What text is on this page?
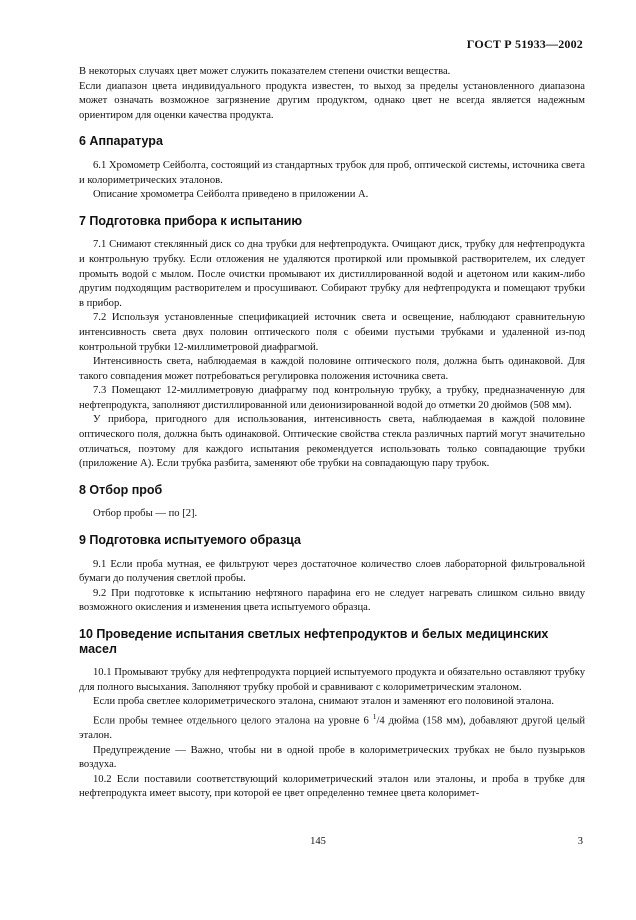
ГОСТ Р 51933—2002

В некоторых случаях цвет может служить показателем степени очистки вещества.

Если диапазон цвета индивидуального продукта известен, то выход за пределы установленного диапазона может означать возможное загрязнение другим продуктом, однако цвет не всегда является надежным ориентиром для оценки качества продукта.

6 Аппаратура

6.1 Хромометр Сейболта, состоящий из стандартных трубок для проб, оптической системы, источника света и колориметрических эталонов.

Описание хромометра Сейболта приведено в приложении А.

7 Подготовка прибора к испытанию

7.1 Снимают стеклянный диск со дна трубки для нефтепродукта. Очищают диск, трубку для нефтепродукта и контрольную трубку. Если отложения не удаляются протиркой или промывкой растворителем, их следует промыть водой с мылом. После очистки промывают их дистиллированной водой и ацетоном или каким-либо другим подходящим растворителем и просушивают. Собирают трубку для нефтепродукта и помещают трубки в прибор.

7.2 Используя установленные спецификацией источник света и освещение, наблюдают сравнительную интенсивность света двух половин оптического поля с обеими пустыми трубками и удаленной из-под контрольной трубки 12-миллиметровой диафрагмой.

Интенсивность света, наблюдаемая в каждой половине оптического поля, должна быть одинаковой. Для такого совпадения может потребоваться регулировка положения источника света.

7.3 Помещают 12-миллиметровую диафрагму под контрольную трубку, а трубку, предназначенную для нефтепродукта, заполняют дистиллированной или деионизированной водой до отметки 20 дюймов (508 мм).

У прибора, пригодного для использования, интенсивность света, наблюдаемая в каждой половине оптического поля, должна быть одинаковой. Оптические свойства стекла различных партий могут значительно отличаться, поэтому для каждого испытания рекомендуется использовать только совпадающие трубки (приложение А). Если трубка разбита, заменяют обе трубки на совпадающую пару трубок.

8 Отбор проб

Отбор пробы — по [2].

9 Подготовка испытуемого образца

9.1 Если проба мутная, ее фильтруют через достаточное количество слоев лабораторной фильтровальной бумаги до получения светлой пробы.

9.2 При подготовке к испытанию нефтяного парафина его не следует нагревать слишком сильно ввиду возможного окисления и изменения цвета испытуемого образца.

10 Проведение испытания светлых нефтепродуктов и белых медицинских масел

10.1 Промывают трубку для нефтепродукта порцией испытуемого продукта и обязательно оставляют трубку для полного высыхания. Заполняют трубку пробой и сравнивают с колориметрическим эталоном.

Если проба светлее колориметрического эталона, снимают эталон и заменяют его половиной эталона.

Если пробы темнее отдельного целого эталона на уровне 6 $^1$/4 дюйма (158 мм), добавляют другой целый эталон.

Предупреждение — Важно, чтобы ни в одной пробе в колориметрических трубках не было пузырьков воздуха.

10.2 Если поставили соответствующий колориметрический эталон или эталоны, и проба в трубке для нефтепродукта имеет высоту, при которой ее цвет определенно темнее цвета колоримет-

145	3
